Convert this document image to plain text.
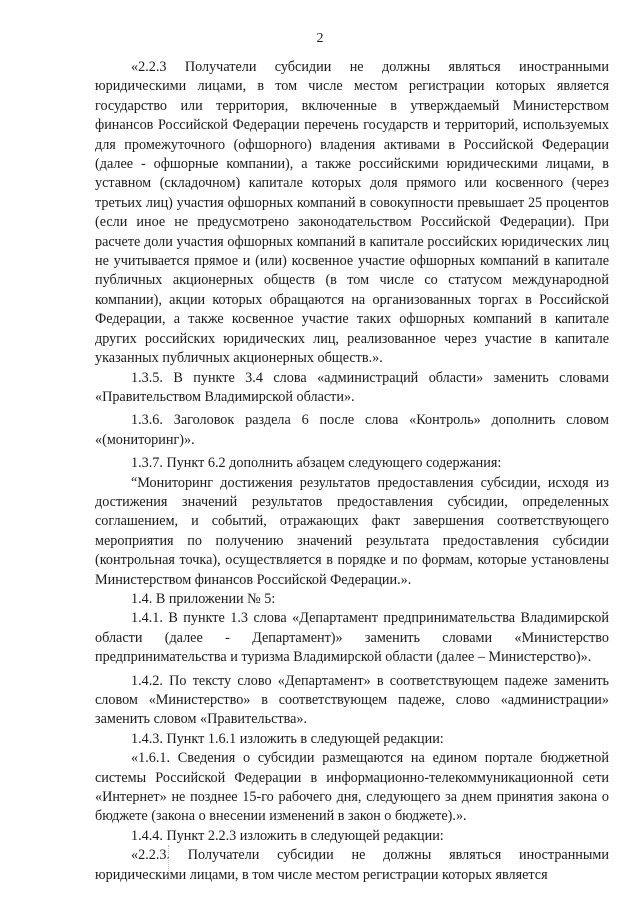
2

«2.2.3 Получатели субсидии не должны являться иностранными юридическими лицами, в том числе местом регистрации которых является государство или территория, включенные в утверждаемый Министерством финансов Российской Федерации перечень государств и территорий, используемых для промежуточного (офшорного) владения активами в Российской Федерации (далее - офшорные компании), а также российскими юридическими лицами, в уставном (складочном) капитале которых доля прямого или косвенного (через третьих лиц) участия офшорных компаний в совокупности превышает 25 процентов (если иное не предусмотрено законодательством Российской Федерации). При расчете доли участия офшорных компаний в капитале российских юридических лиц не учитывается прямое и (или) косвенное участие офшорных компаний в капитале публичных акционерных обществ (в том числе со статусом международной компании), акции которых обращаются на организованных торгах в Российской Федерации, а также косвенное участие таких офшорных компаний в капитале других российских юридических лиц, реализованное через участие в капитале указанных публичных акционерных обществ.».

1.3.5. В пункте 3.4 слова «администраций области» заменить словами «Правительством Владимирской области».

1.3.6. Заголовок раздела 6 после слова «Контроль» дополнить словом «(мониторинг)».

1.3.7. Пункт 6.2 дополнить абзацем следующего содержания:

“Мониторинг достижения результатов предоставления субсидии, исходя из достижения значений результатов предоставления субсидии, определенных соглашением, и событий, отражающих факт завершения соответствующего мероприятия по получению значений результата предоставления субсидии (контрольная точка), осуществляется в порядке и по формам, которые установлены Министерством финансов Российской Федерации.».

1.4. В приложении № 5:

1.4.1. В пункте 1.3 слова «Департамент предпринимательства Владимирской области (далее - Департамент)» заменить словами «Министерство предпринимательства и туризма Владимирской области (далее – Министерство)».

1.4.2. По тексту слово «Департамент» в соответствующем падеже заменить словом «Министерство» в соответствующем падеже, слово «администрации» заменить словом «Правительства».

1.4.3. Пункт 1.6.1 изложить в следующей редакции:

«1.6.1. Сведения о субсидии размещаются на едином портале бюджетной системы Российской Федерации в информационно-телекоммуникационной сети «Интернет» не позднее 15-го рабочего дня, следующего за днем принятия закона о бюджете (закона о внесении изменений в закон о бюджете).».

1.4.4. Пункт 2.2.3 изложить в следующей редакции:

«2.2.3. Получатели субсидии не должны являться иностранными юридическими лицами, в том числе местом регистрации которых является
